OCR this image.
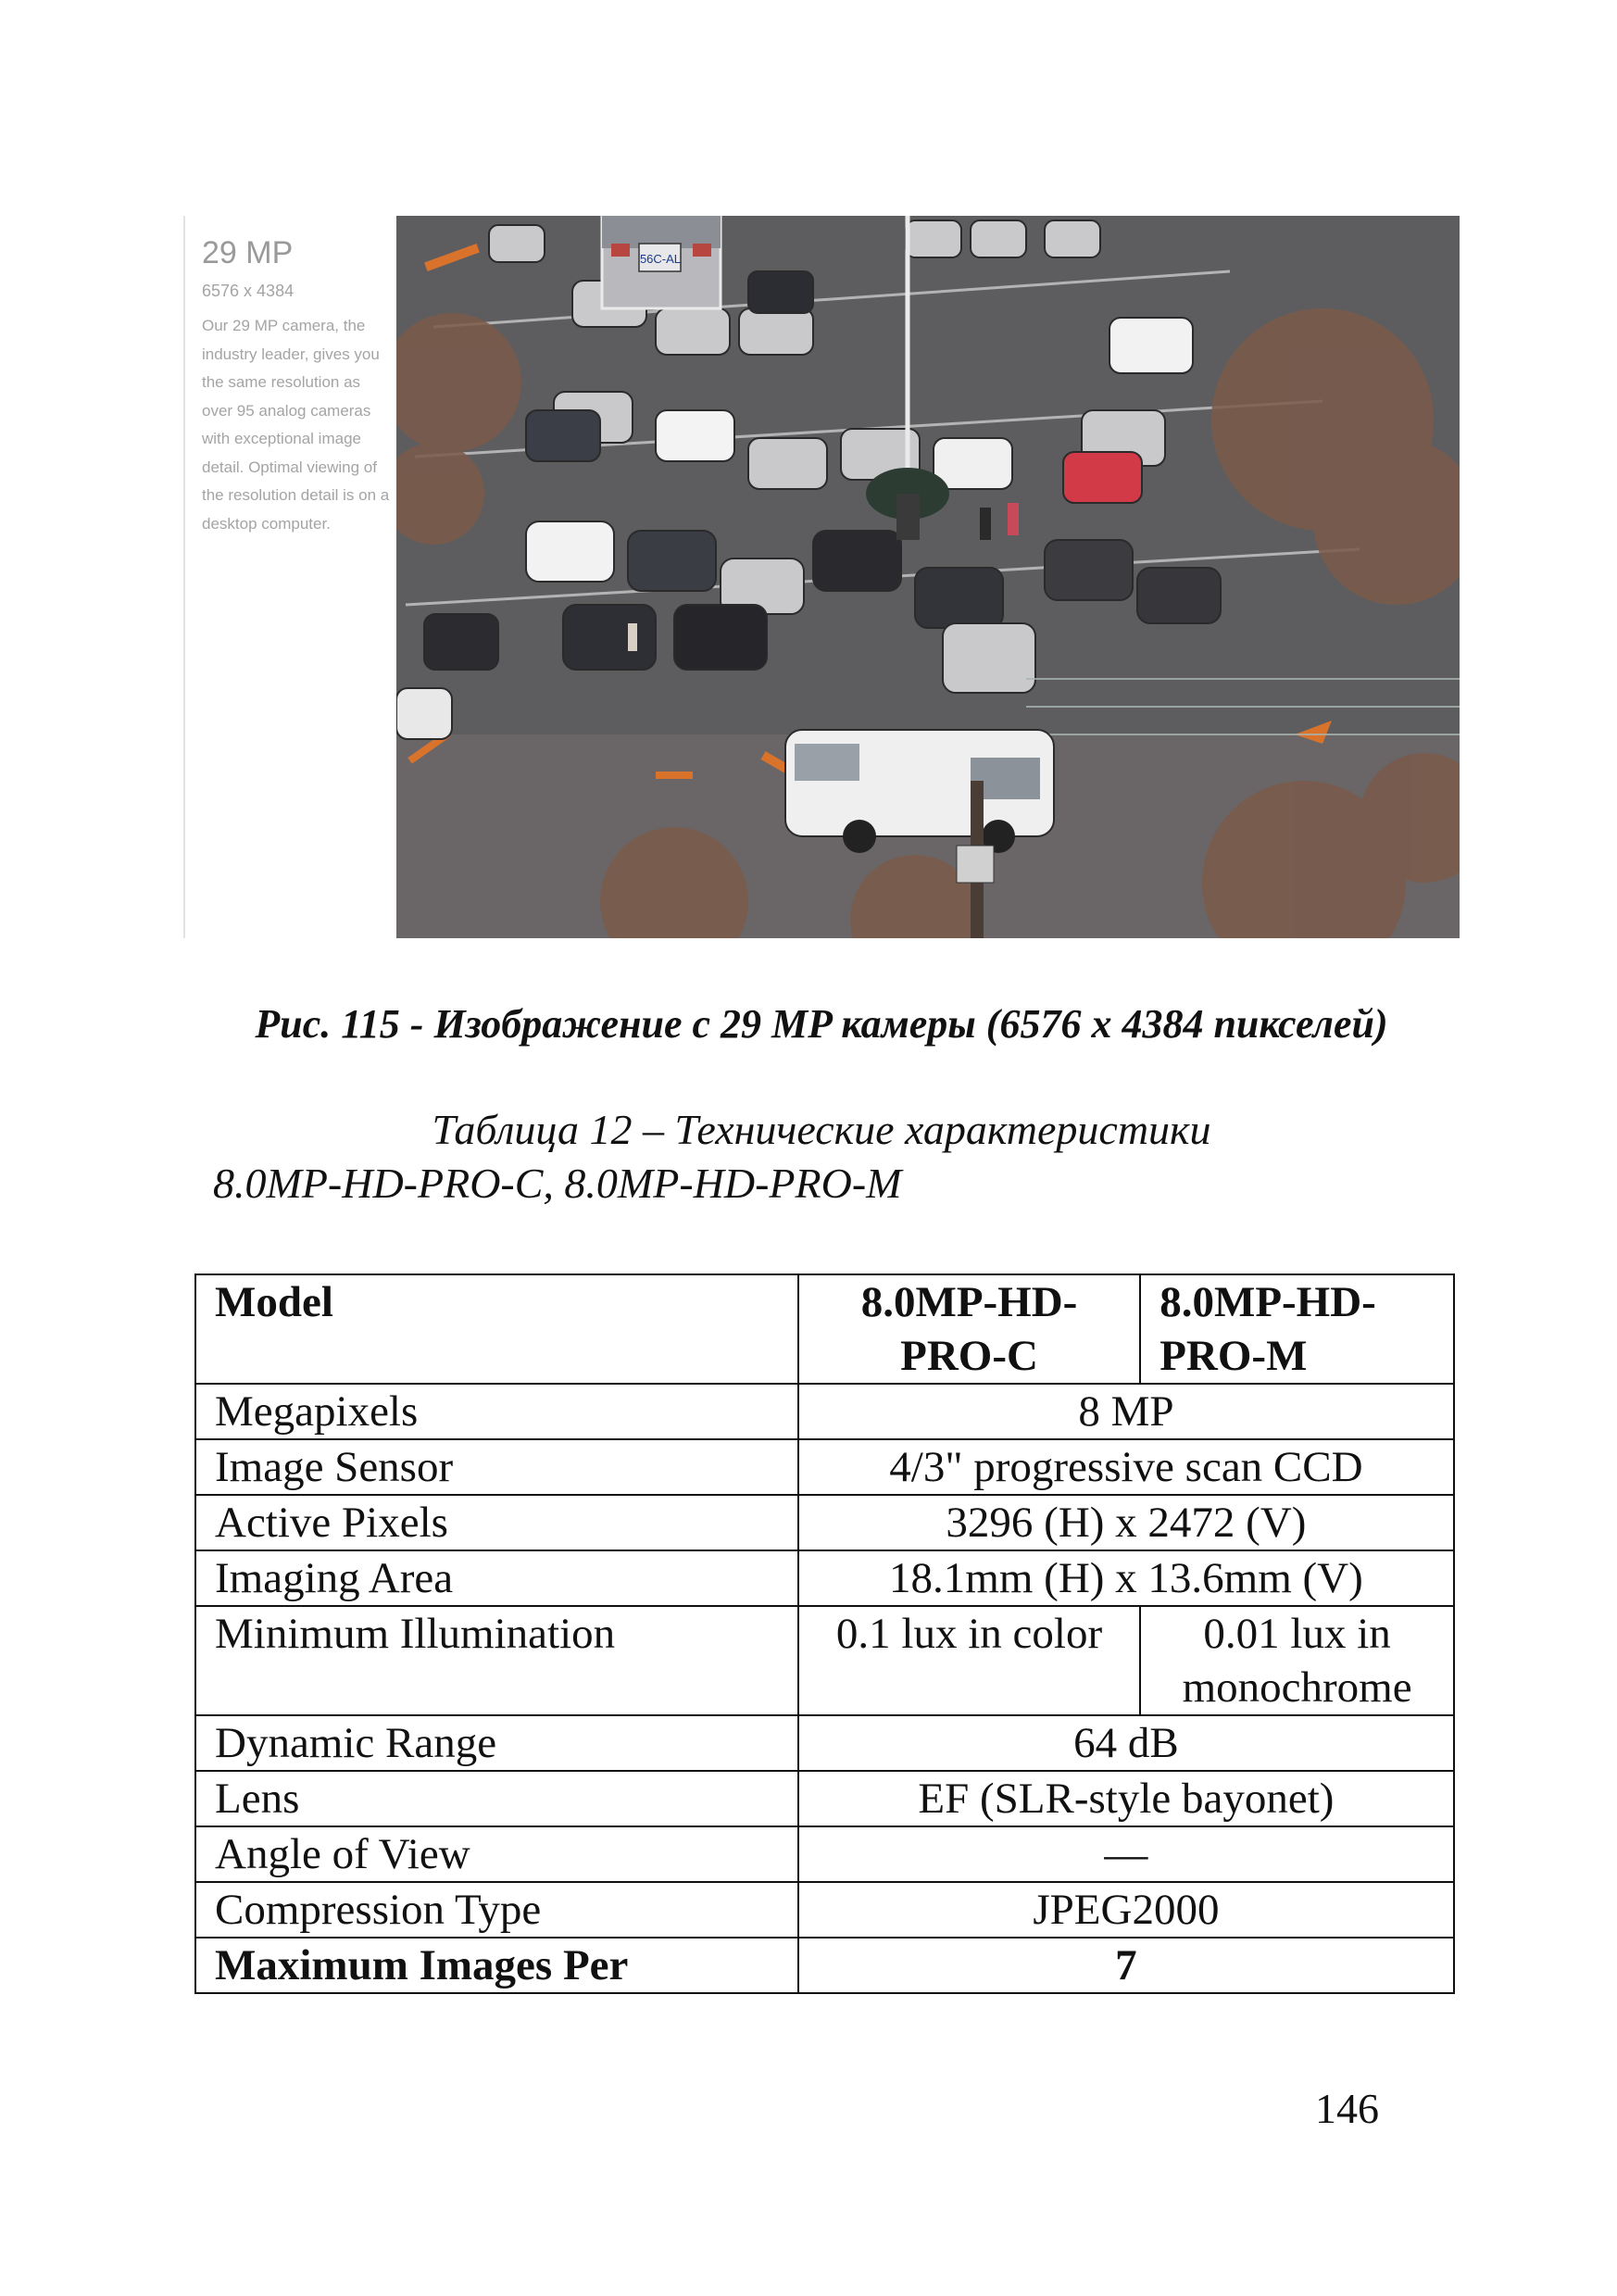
29 MP

6576 x 4384

Our 29 MP camera, the industry leader, gives you the same resolution as over 95 analog cameras with exceptional image detail. Optimal viewing of the resolution detail is on a desktop computer.

56C-AL

Рис. 115 - Изображение с 29 MP камеры (6576 x 4384 пикселей)

Таблица 12 – Технические характеристики

8.0MP-HD-PRO-C, 8.0MP-HD-PRO-M

Model	8.0MP-HD-PRO-C	8.0MP-HD-PRO-M
Megapixels	8 MP	
Image Sensor	4/3" progressive scan CCD	
Active Pixels	3296 (H) x 2472 (V)	
Imaging Area	18.1mm (H) x 13.6mm (V)	
Minimum Illumination	0.1 lux in color	0.01 lux in monochrome
Dynamic Range	64 dB	
Lens	EF (SLR-style bayonet)	
Angle of View	—	
Compression Type	JPEG2000	
Maximum Images Per	7	

146
